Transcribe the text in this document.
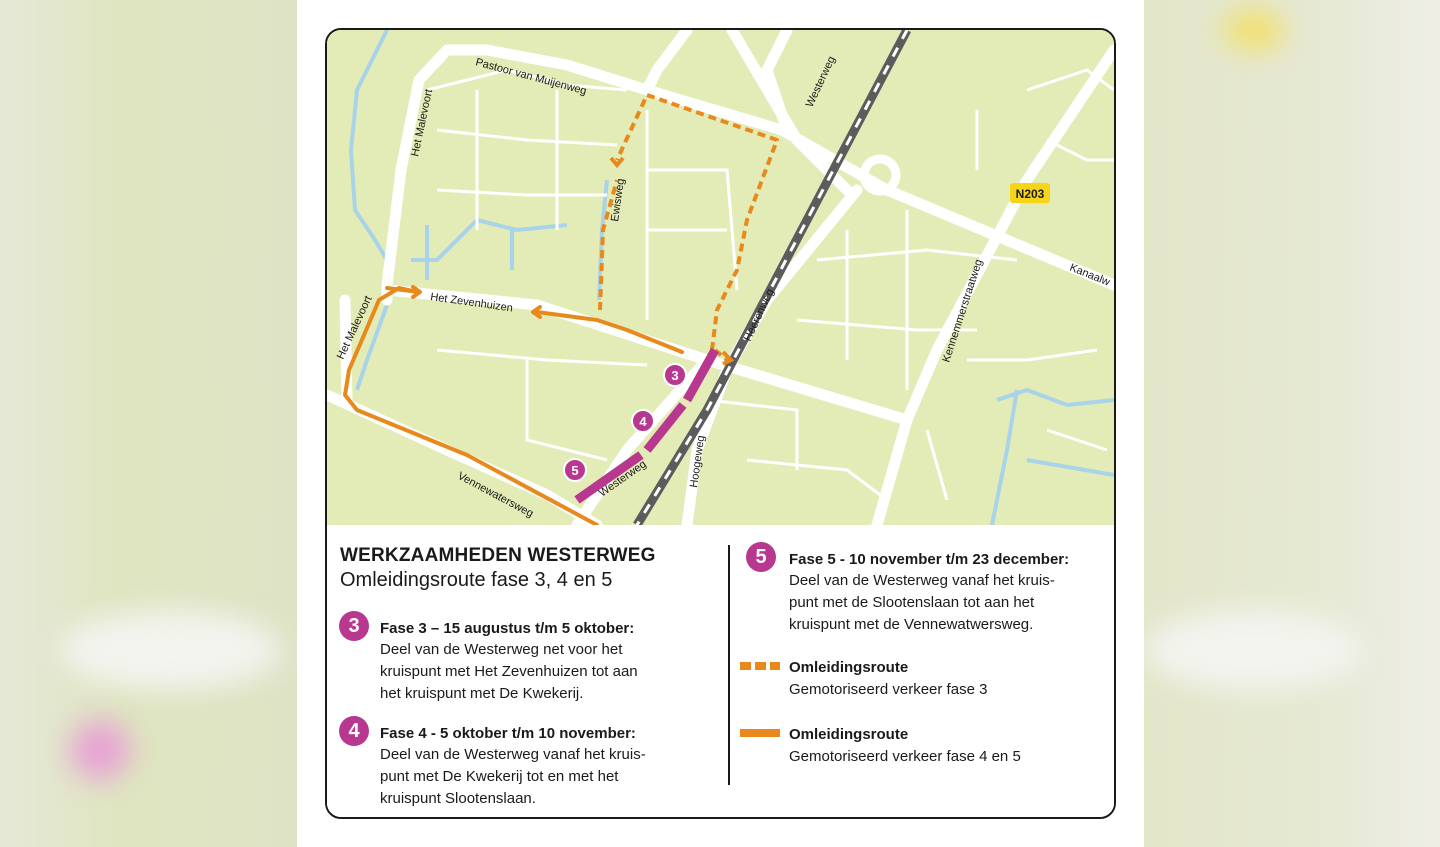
3
4
5
N203
Pastoor van Muijenweg
Het Malevoort
Westerweg
Ewisweg
Het Zevenhuizen	Heerenweg
Het Malevoort
Hoogeweg
Westerweg
Vennewatersweg
Kennemmerstraatweg	Kanaalw
WERKZAAMHEDEN WESTERWEG
Omleidingsroute fase 3, 4 en 5
3	Fase 3 – 15 augustus t/m 5 oktober:
Deel van de Westerweg net voor het
kruispunt met Het Zevenhuizen tot aan
het kruispunt met De Kwekerij.
4	Fase 4 - 5 oktober t/m 10 november:
Deel van de Westerweg vanaf het kruis-
punt met De Kwekerij tot en met het
kruispunt Slootenslaan.
5	Fase 5 - 10 november t/m 23 december:
Deel van de Westerweg vanaf het kruis-
punt met de Slootenslaan tot aan het
kruispunt met de Vennewatwersweg.
Omleidingsroute
Gemotoriseerd verkeer fase 3
Omleidingsroute
Gemotoriseerd verkeer fase 4 en 5
